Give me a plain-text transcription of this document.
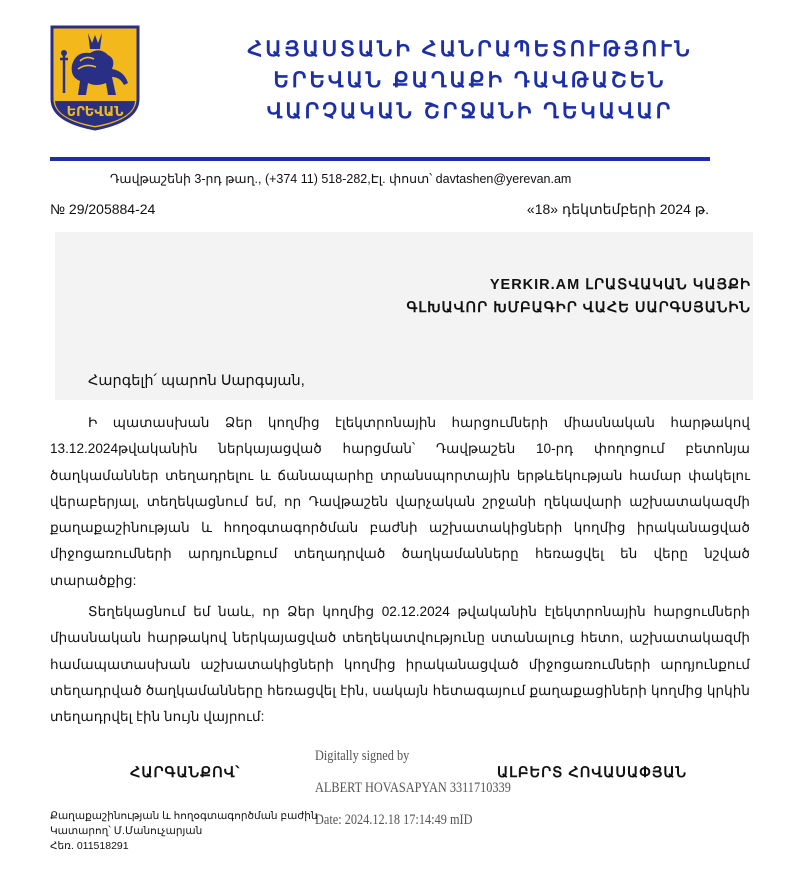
ԵՐԵՎԱՆ
ՀԱՅԱՍՏԱՆԻ ՀԱՆՐԱՊԵՏՈՒԹՅՈՒՆ
ԵՐԵՎԱՆ ՔԱՂԱՔԻ ԴԱՎԹԱՇԵՆ
ՎԱՐՉԱԿԱՆ ՇՐՋԱՆԻ ՂԵԿԱՎԱՐ
Դավթաշենի 3-րդ թաղ., (+374 11) 518-282,Էլ. փոստ՝ davtashen@yerevan.am
№ 29/205884-24	«18» դեկտեմբերի 2024 թ.
YERKIR.AM ԼՐԱՏՎԱԿԱՆ ԿԱՅՔԻ
ԳԼԽԱՎՈՐ ԽՄԲԱԳԻՐ ՎԱՀԵ ՍԱՐԳՍՅԱՆԻՆ
Հարգելի՛ պարոն Սարգսյան,

Ի պատասխան Ձեր կողմից էլեկտրոնային հարցումների միասնական հարթակով 13.12.2024թվականին ներկայացված հարցման՝ Դավթաշեն 10-րդ փողոցում բետոնյա ծաղկամաններ տեղադրելու և ճանապարհը տրանսպորտային երթևեկության համար փակելու վերաբերյալ, տեղեկացնում եմ, որ Դավթաշեն վարչական շրջանի ղեկավարի աշխատակազմի քաղաքաշինության և հողօգտագործման բաժնի աշխատակիցների կողմից իրականացված միջոցառումների արդյունքում տեղադրված ծաղկամանները հեռացվել են վերը նշված տարածքից:

Տեղեկացնում եմ նաև, որ Ձեր կողմից 02.12.2024 թվականին էլեկտրոնային հարցումների միասնական հարթակով ներկայացված տեղեկատվությունը ստանալուց հետո, աշխատակազմի համապատասխան աշխատակիցների կողմից իրականացված միջոցառումների արդյունքում տեղադրված ծաղկամանները հեռացվել էին, սակայն հետագայում քաղաքացիների կողմից կրկին տեղադրվել էին նույն վայրում:

ՀԱՐԳԱՆՔՈՎ՝
Digitally signed by
ALBERT HOVASAPYAN 3311710339
Date: 2024.12.18 17:14:49 mID
ԱԼԲԵՐՏ ՀՈՎԱՍԱՓՅԱՆ
Քաղաքաշինության և հողօգտագործման բաժին
Կատարող՝ Մ.Մանուչարյան
Հեռ. 011518291
